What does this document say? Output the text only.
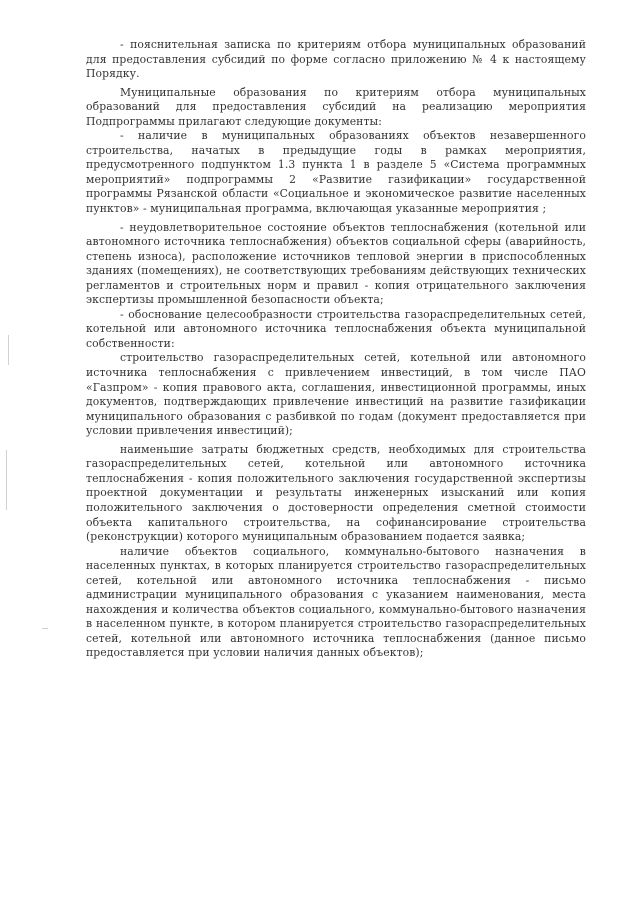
- пояснительная записка по критериям отбора муниципальных образований для предоставления субсидий по форме согласно приложению № 4 к настоящему Порядку.

Муниципальные образования по критериям отбора муниципальных образований для предоставления субсидий на реализацию мероприятия Подпрограммы прилагают следующие документы:

- наличие в муниципальных образованиях объектов незавершенного строительства, начатых в предыдущие годы в рамках мероприятия, предусмотренного подпунктом 1.3 пункта 1 в разделе 5 «Система программных мероприятий» подпрограммы 2 «Развитие газификации» государственной программы Рязанской области «Социальное и экономическое развитие населенных пунктов» - муниципальная программа, включающая указанные мероприятия ;

- неудовлетворительное состояние объектов теплоснабжения (котельной или автономного источника теплоснабжения) объектов социальной сферы (аварийность, степень износа), расположение источников тепловой энергии в приспособленных зданиях (помещениях), не соответствующих требованиям действующих технических регламентов и строительных норм и правил - копия отрицательного заключения экспертизы промышленной безопасности объекта;

- обоснование целесообразности строительства газораспределительных сетей, котельной или автономного источника теплоснабжения объекта муниципальной собственности:

строительство газораспределительных сетей, котельной или автономного источника теплоснабжения с привлечением инвестиций, в том числе ПАО «Газпром» - копия правового акта, соглашения, инвестиционной программы, иных документов, подтверждающих привлечение инвестиций на развитие газификации муниципального образования с разбивкой по годам (документ предоставляется при условии привлечения инвестиций);

наименьшие затраты бюджетных средств, необходимых для строительства газораспределительных сетей, котельной или автономного источника теплоснабжения - копия положительного заключения государственной экспертизы проектной документации и результаты инженерных изысканий или копия положительного заключения о достоверности определения сметной стоимости объекта капитального строительства, на софинансирование строительства (реконструкции) которого муниципальным образованием подается заявка;

наличие объектов социального, коммунально-бытового назначения в населенных пунктах, в которых планируется строительство газораспределительных сетей, котельной или автономного источника теплоснабжения - письмо администрации муниципального образования с указанием наименования, места нахождения и количества объектов социального, коммунально-бытового назначения в населенном пункте, в котором планируется строительство газораспределительных сетей, котельной или автономного источника теплоснабжения (данное письмо предоставляется при условии наличия данных объектов);
